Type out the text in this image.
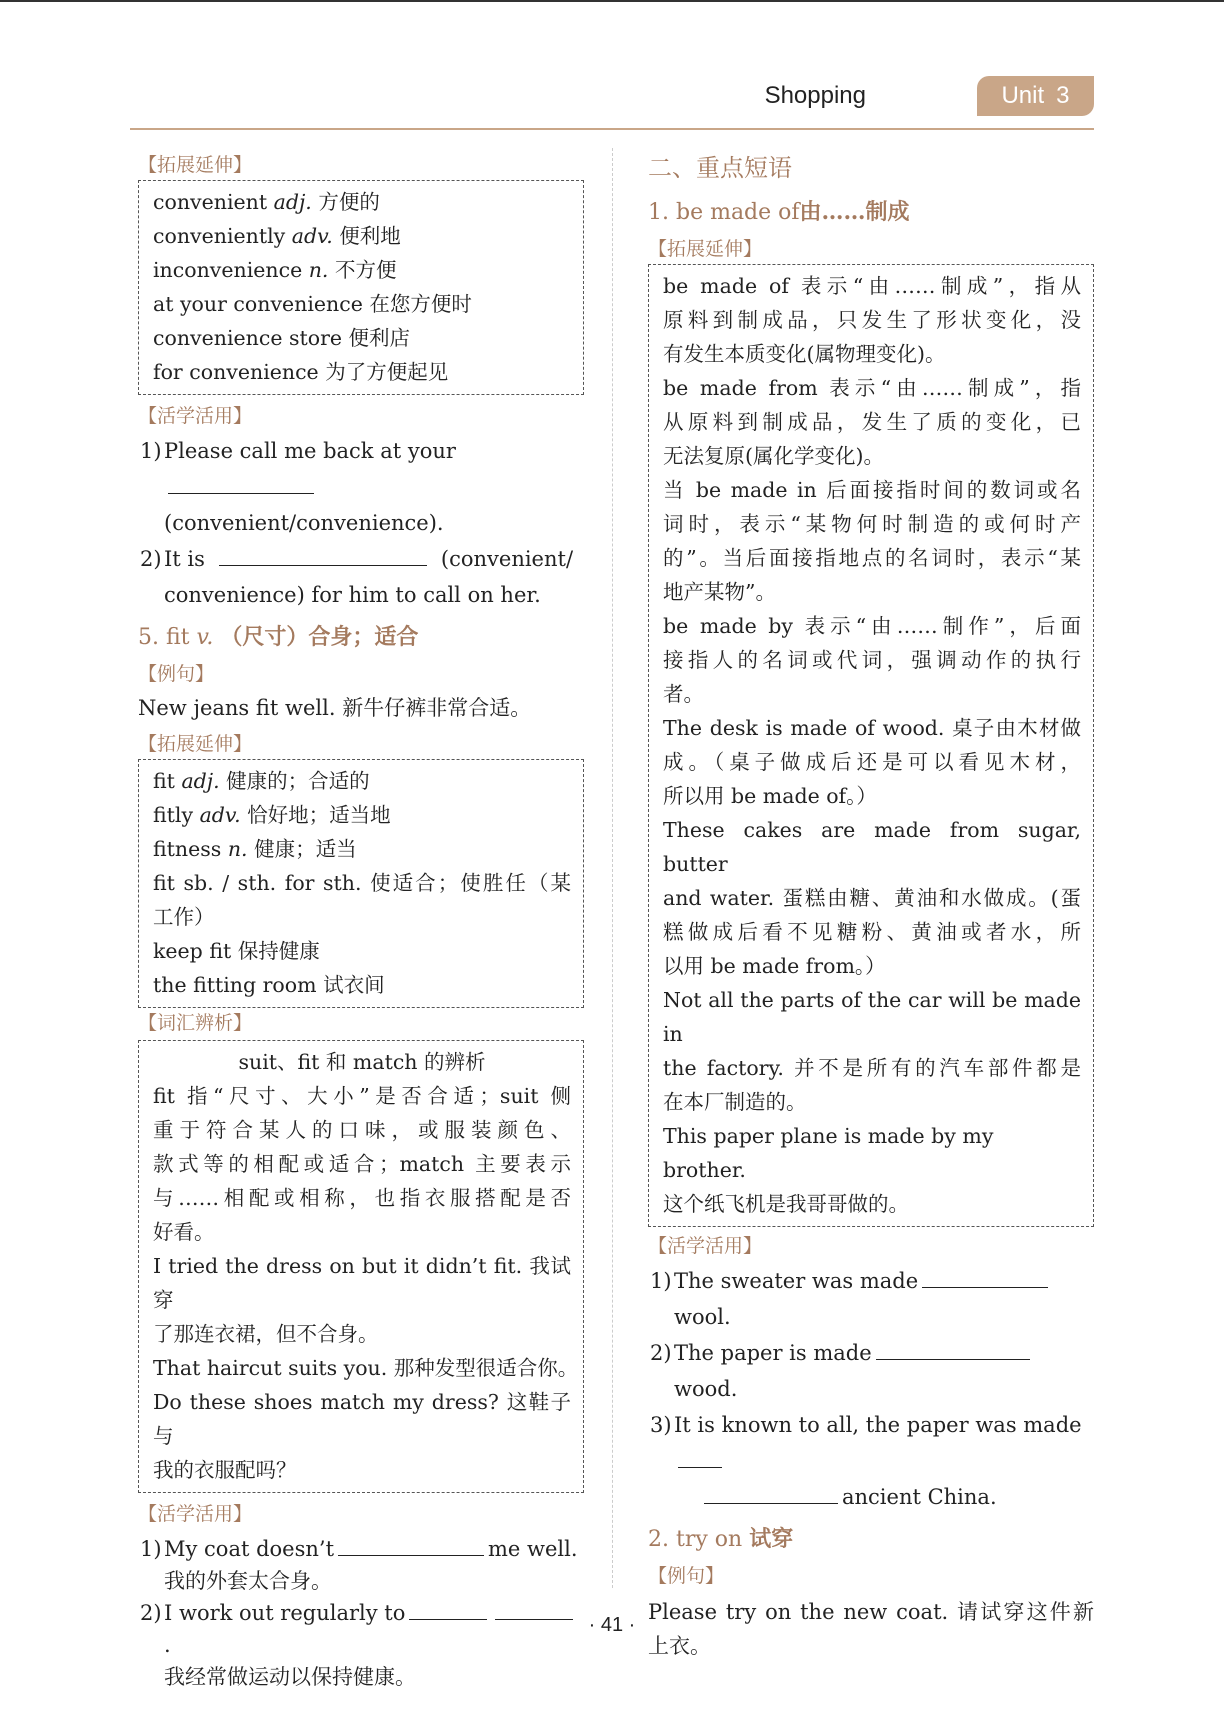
Shopping	Unit 3
【拓展延伸】
convenient adj. 方便的
conveniently adv. 便利地
inconvenience n. 不方便
at your convenience 在您方便时
convenience store 便利店
for convenience 为了方便起见
【活学活用】
1) Please call me back at your
(convenient/convenience).
2) It is	(convenient/
convenience) for him to call on her.
5. fit v. （尺寸）合身；适合
【例句】
New jeans fit well. 新牛仔裤非常合适。
【拓展延伸】
fit adj. 健康的；合适的
fitly adv. 恰好地；适当地
fitness n. 健康；适当
fit sb. / sth. for sth. 使适合；使胜任（某
工作）
keep fit 保持健康
the fitting room 试衣间
【词汇辨析】
suit、fit 和 match 的辨析
fit 指“尺寸、大小”是否合适；suit 侧
重于符合某人的口味，或服装颜色、
款式等的相配或适合；match 主要表示
与……相配或相称，也指衣服搭配是否
好看。
I tried the dress on but it didn’t fit. 我试穿
了那连衣裙，但不合身。
That haircut suits you. 那种发型很适合你。
Do these shoes match my dress? 这鞋子与
我的衣服配吗？
【活学活用】
1) My coat doesn’t	me well.
我的外套太合身。
2) I work out regularly to.
我经常做运动以保持健康。
二、重点短语
1. be made of由……制成
【拓展延伸】
be made of 表示“由……制成”，指从
原料到制成品，只发生了形状变化，没
有发生本质变化(属物理变化)。
be made from 表示“由……制成”，指
从原料到制成品，发生了质的变化，已
无法复原(属化学变化)。
当 be made in 后面接指时间的数词或名
词时，表示“某物何时制造的或何时产
的”。当后面接指地点的名词时，表示“某
地产某物”。
be made by 表示“由……制作”，后面
接指人的名词或代词，强调动作的执行
者。
The desk is made of wood. 桌子由木材做
成。（桌子做成后还是可以看见木材，
所以用 be made of。）
These cakes are made from sugar, butter
and water. 蛋糕由糖、黄油和水做成。(蛋
糕做成后看不见糖粉、黄油或者水，所
以用 be made from。）
Not all the parts of the car will be made in
the factory. 并不是所有的汽车部件都是
在本厂制造的。
This paper plane is made by my brother.
这个纸飞机是我哥哥做的。
【活学活用】
1) The sweater was madewool.
2) The paper is madewood.
3) It is known to all, the paper was made
ancient China.
2. try on 试穿
【例句】
Please try on the new coat. 请试穿这件新
上衣。
· 41 ·
